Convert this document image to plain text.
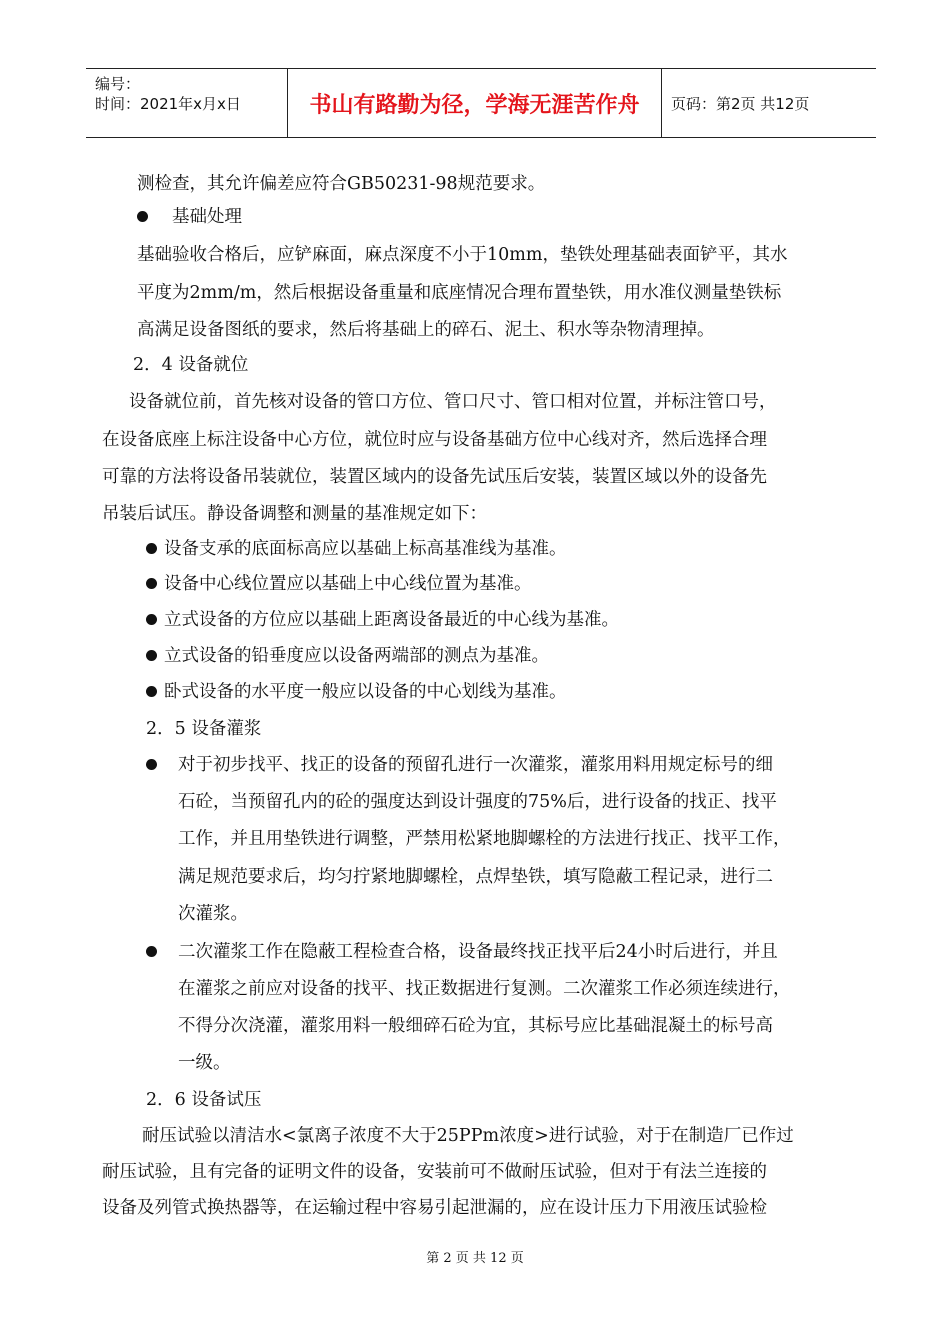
编号：
时间：2021年x月x日	书山有路勤为径，学海无涯苦作舟	页码：第2页 共12页
测检查，其允许偏差应符合GB50231-98规范要求。
基础处理
基础验收合格后，应铲麻面，麻点深度不小于10mm，垫铁处理基础表面铲平，其水
平度为2mm/m，然后根据设备重量和底座情况合理布置垫铁，用水准仪测量垫铁标
高满足设备图纸的要求，然后将基础上的碎石、泥土、积水等杂物清理掉。
2．4 设备就位
设备就位前，首先核对设备的管口方位、管口尺寸、管口相对位置，并标注管口号，
在设备底座上标注设备中心方位，就位时应与设备基础方位中心线对齐，然后选择合理
可靠的方法将设备吊装就位，装置区域内的设备先试压后安装，装置区域以外的设备先
吊装后试压。静设备调整和测量的基准规定如下：
设备支承的底面标高应以基础上标高基准线为基准。
设备中心线位置应以基础上中心线位置为基准。
立式设备的方位应以基础上距离设备最近的中心线为基准。
立式设备的铅垂度应以设备两端部的测点为基准。
卧式设备的水平度一般应以设备的中心划线为基准。
2．5 设备灌浆
对于初步找平、找正的设备的预留孔进行一次灌浆，灌浆用料用规定标号的细
石砼，当预留孔内的砼的强度达到设计强度的75%后，进行设备的找正、找平
工作，并且用垫铁进行调整，严禁用松紧地脚螺栓的方法进行找正、找平工作，
满足规范要求后，均匀拧紧地脚螺栓，点焊垫铁，填写隐蔽工程记录，进行二
次灌浆。
二次灌浆工作在隐蔽工程检查合格，设备最终找正找平后24小时后进行，并且
在灌浆之前应对设备的找平、找正数据进行复测。二次灌浆工作必须连续进行，
不得分次浇灌，灌浆用料一般细碎石砼为宜，其标号应比基础混凝土的标号高
一级。
2．6 设备试压
耐压试验以清洁水<氯离子浓度不大于25PPm浓度>进行试验，对于在制造厂已作过
耐压试验，且有完备的证明文件的设备，安装前可不做耐压试验，但对于有法兰连接的
设备及列管式换热器等，在运输过程中容易引起泄漏的，应在设计压力下用液压试验检
第 2 页 共 12 页
